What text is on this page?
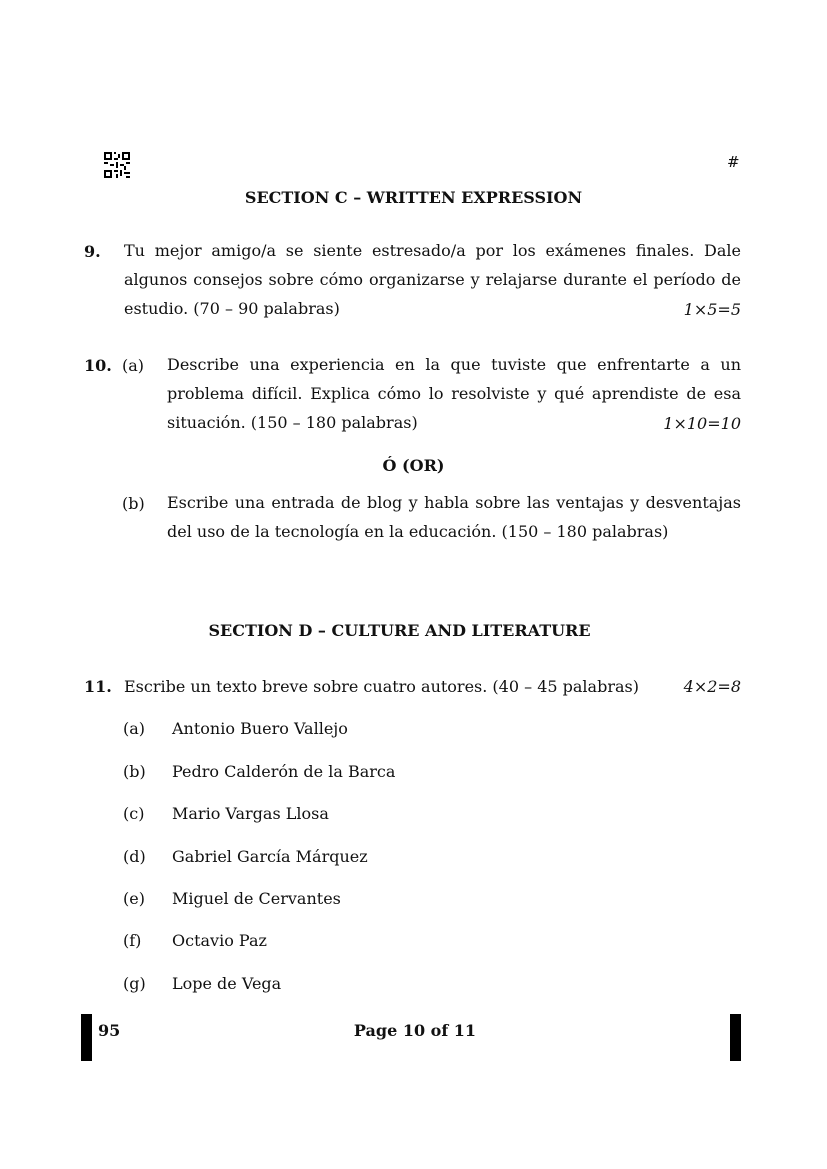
#
SECTION C – WRITTEN EXPRESSION
9. Tu mejor amigo/a se siente estresado/a por los exámenes finales. Dale
algunos consejos sobre cómo organizarse y relajarse durante el período de
estudio. (70 – 90 palabras)	1×5=5
10. (a) Describe una experiencia en la que tuviste que enfrentarte a un
problema difícil. Explica cómo lo resolviste y qué aprendiste de esa
situación. (150 – 180 palabras)	1×10=10
Ó (OR)
(b) Escribe una entrada de blog y habla sobre las ventajas y desventajas
del uso de la tecnología en la educación. (150 – 180 palabras)
SECTION D – CULTURE AND LITERATURE
11. Escribe un texto breve sobre cuatro autores. (40 – 45 palabras)	4×2=8
(a) Antonio Buero Vallejo
(b) Pedro Calderón de la Barca
(c) Mario Vargas Llosa
(d) Gabriel García Márquez
(e) Miguel de Cervantes
(f) Octavio Paz
(g) Lope de Vega
95	Page 10 of 11
